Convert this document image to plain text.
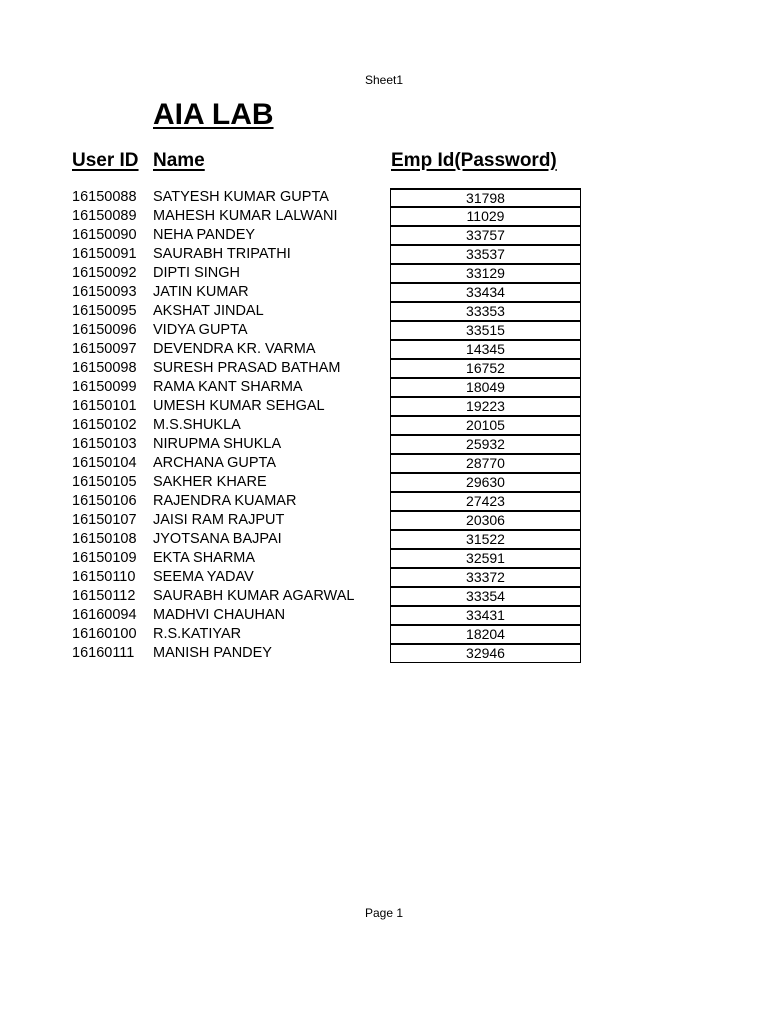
Sheet1
AIA LAB
User ID Name	Emp Id(Password)
16150088 SATYESH KUMAR GUPTA	31798
16150089 MAHESH KUMAR LALWANI	11029
16150090 NEHA PANDEY	33757
16150091 SAURABH TRIPATHI	33537
16150092 DIPTI SINGH	33129
16150093 JATIN KUMAR	33434
16150095 AKSHAT JINDAL	33353
16150096 VIDYA GUPTA	33515
16150097 DEVENDRA KR. VARMA	14345
16150098 SURESH PRASAD BATHAM	16752
16150099 RAMA KANT SHARMA	18049
16150101 UMESH KUMAR SEHGAL	19223
16150102 M.S.SHUKLA	20105
16150103 NIRUPMA SHUKLA	25932
16150104 ARCHANA GUPTA	28770
16150105 SAKHER KHARE	29630
16150106 RAJENDRA KUAMAR	27423
16150107 JAISI RAM RAJPUT	20306
16150108 JYOTSANA BAJPAI	31522
16150109 EKTA SHARMA	32591
16150110 SEEMA YADAV	33372
16150112 SAURABH KUMAR AGARWAL	33354
16160094 MADHVI CHAUHAN	33431
16160100 R.S.KATIYAR	18204
16160111 MANISH PANDEY	32946
Page 1
